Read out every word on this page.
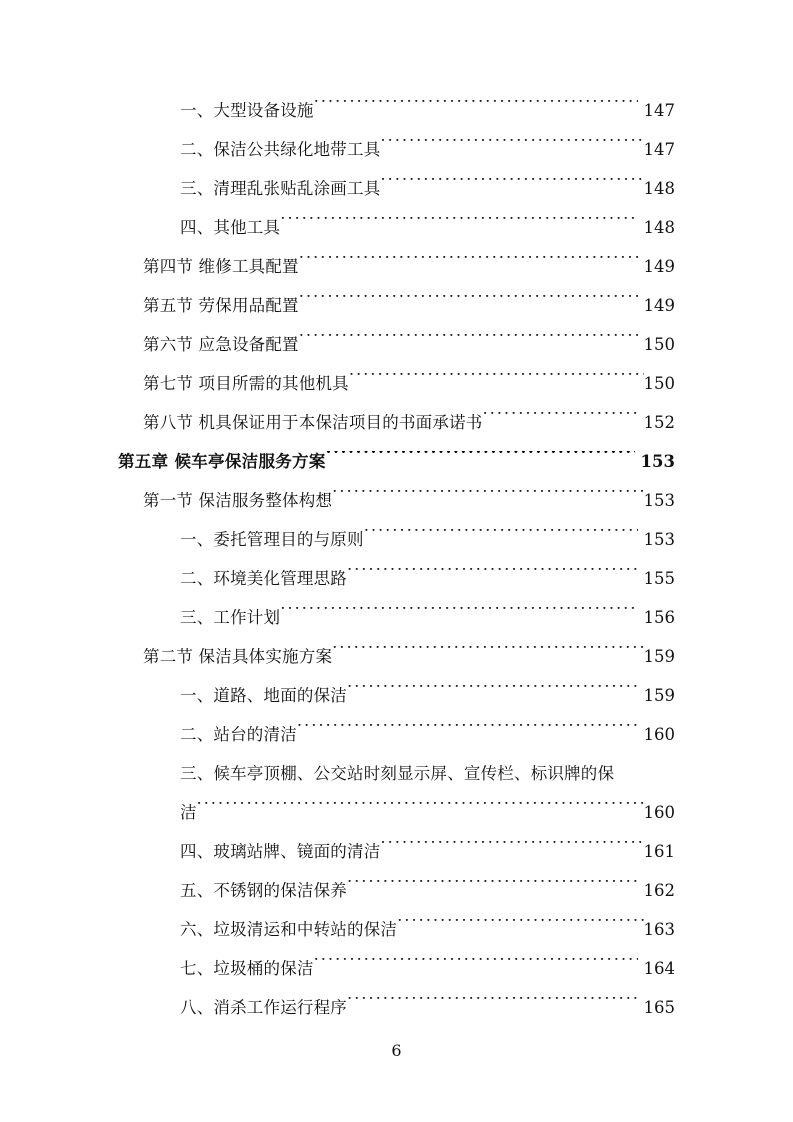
一、大型设备设施 .....	147
二、保洁公共绿化地带工具 .....	147
三、清理乱张贴乱涂画工具 .....	148
四、其他工具 .....	148
第四节 维修工具配置 .....	149
第五节 劳保用品配置 .....	149
第六节 应急设备配置 .....	150
第七节 项目所需的其他机具 .....	150
第八节 机具保证用于本保洁项目的书面承诺书 .....	152
第五章 候车亭保洁服务方案 .....	153
第一节 保洁服务整体构想 .....	153
一、委托管理目的与原则 .....	153
二、环境美化管理思路 .....	155
三、工作计划 .....	156
第二节 保洁具体实施方案 .....	159
一、道路、地面的保洁 .....	159
二、站台的清洁 .....	160
三、候车亭顶棚、公交站时刻显示屏、宣传栏、标识牌的保
洁 .....	160
四、玻璃站牌、镜面的清洁 .....	161
五、不锈钢的保洁保养 .....	162
六、垃圾清运和中转站的保洁 .....	163
七、垃圾桶的保洁 .....	164
八、消杀工作运行程序 .....	165
6
